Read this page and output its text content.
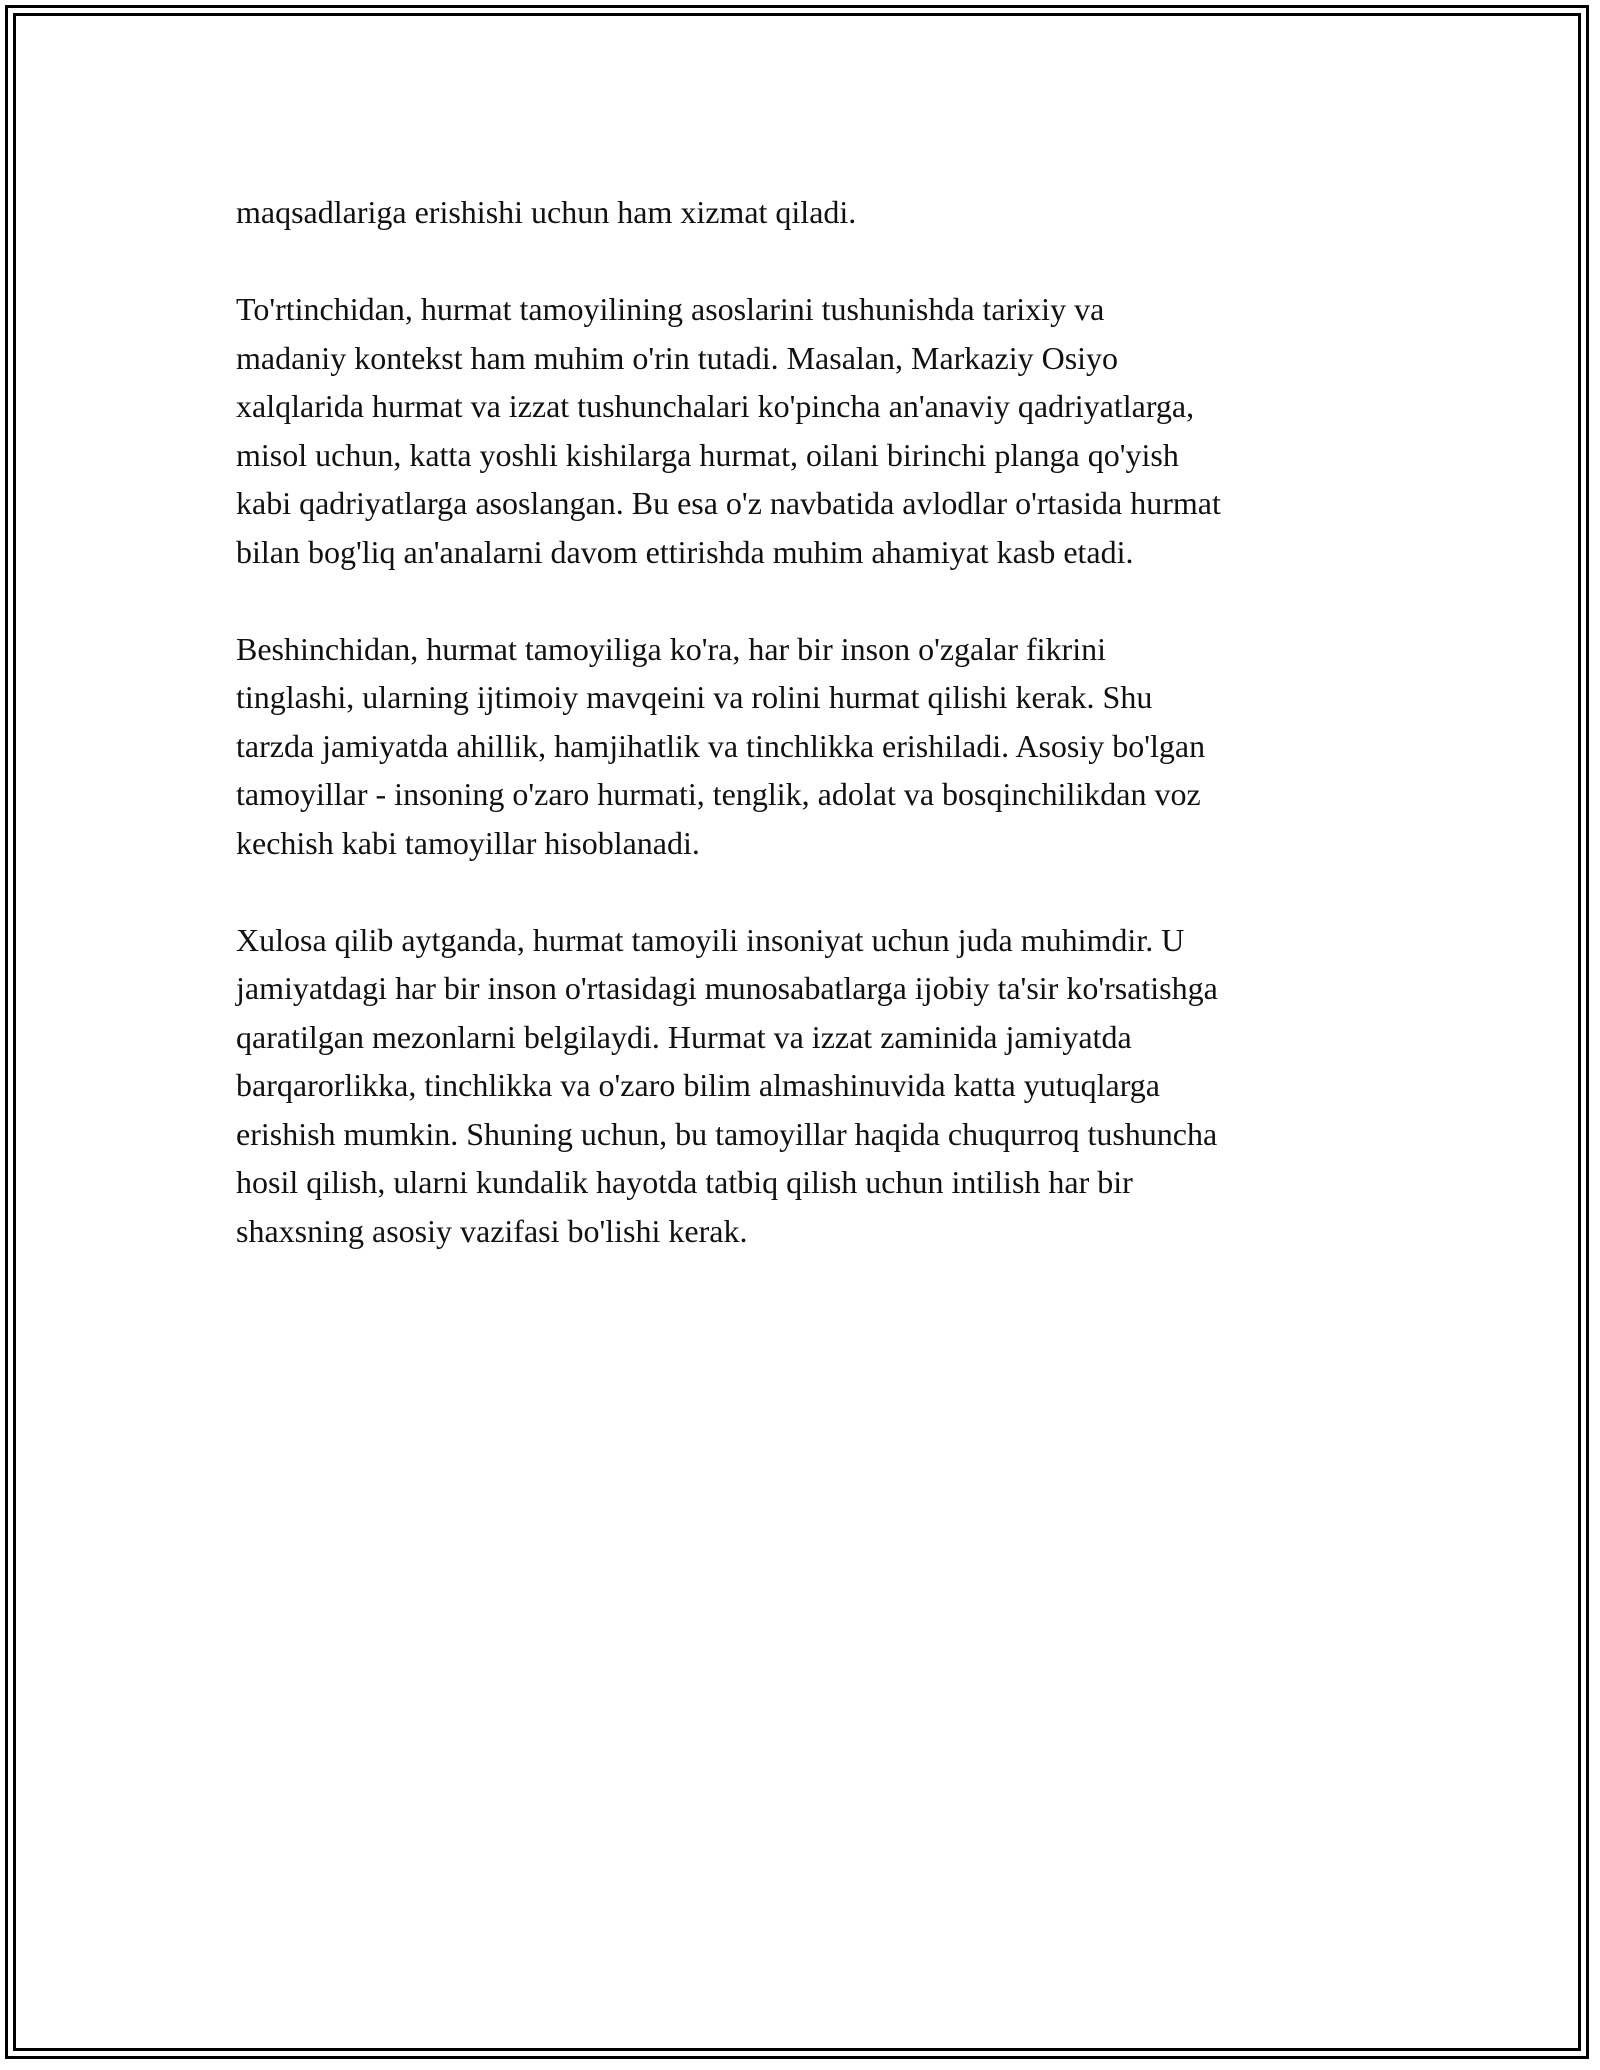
maqsadlariga erishishi uchun ham xizmat qiladi.

To'rtinchidan, hurmat tamoyilining asoslarini tushunishda tarixiy va
madaniy kontekst ham muhim o'rin tutadi. Masalan, Markaziy Osiyo
xalqlarida hurmat va izzat tushunchalari ko'pincha an'anaviy qadriyatlarga,
misol uchun, katta yoshli kishilarga hurmat, oilani birinchi planga qo'yish
kabi qadriyatlarga asoslangan. Bu esa o'z navbatida avlodlar o'rtasida hurmat
bilan bog'liq an'analarni davom ettirishda muhim ahamiyat kasb etadi.

Beshinchidan, hurmat tamoyiliga ko'ra, har bir inson o'zgalar fikrini
tinglashi, ularning ijtimoiy mavqeini va rolini hurmat qilishi kerak. Shu
tarzda jamiyatda ahillik, hamjihatlik va tinchlikka erishiladi. Asosiy bo'lgan
tamoyillar - insoning o'zaro hurmati, tenglik, adolat va bosqinchilikdan voz
kechish kabi tamoyillar hisoblanadi.

Xulosa qilib aytganda, hurmat tamoyili insoniyat uchun juda muhimdir. U
jamiyatdagi har bir inson o'rtasidagi munosabatlarga ijobiy ta'sir ko'rsatishga
qaratilgan mezonlarni belgilaydi. Hurmat va izzat zaminida jamiyatda
barqarorlikka, tinchlikka va o'zaro bilim almashinuvida katta yutuqlarga
erishish mumkin. Shuning uchun, bu tamoyillar haqida chuqurroq tushuncha
hosil qilish, ularni kundalik hayotda tatbiq qilish uchun intilish har bir
shaxsning asosiy vazifasi bo'lishi kerak.
